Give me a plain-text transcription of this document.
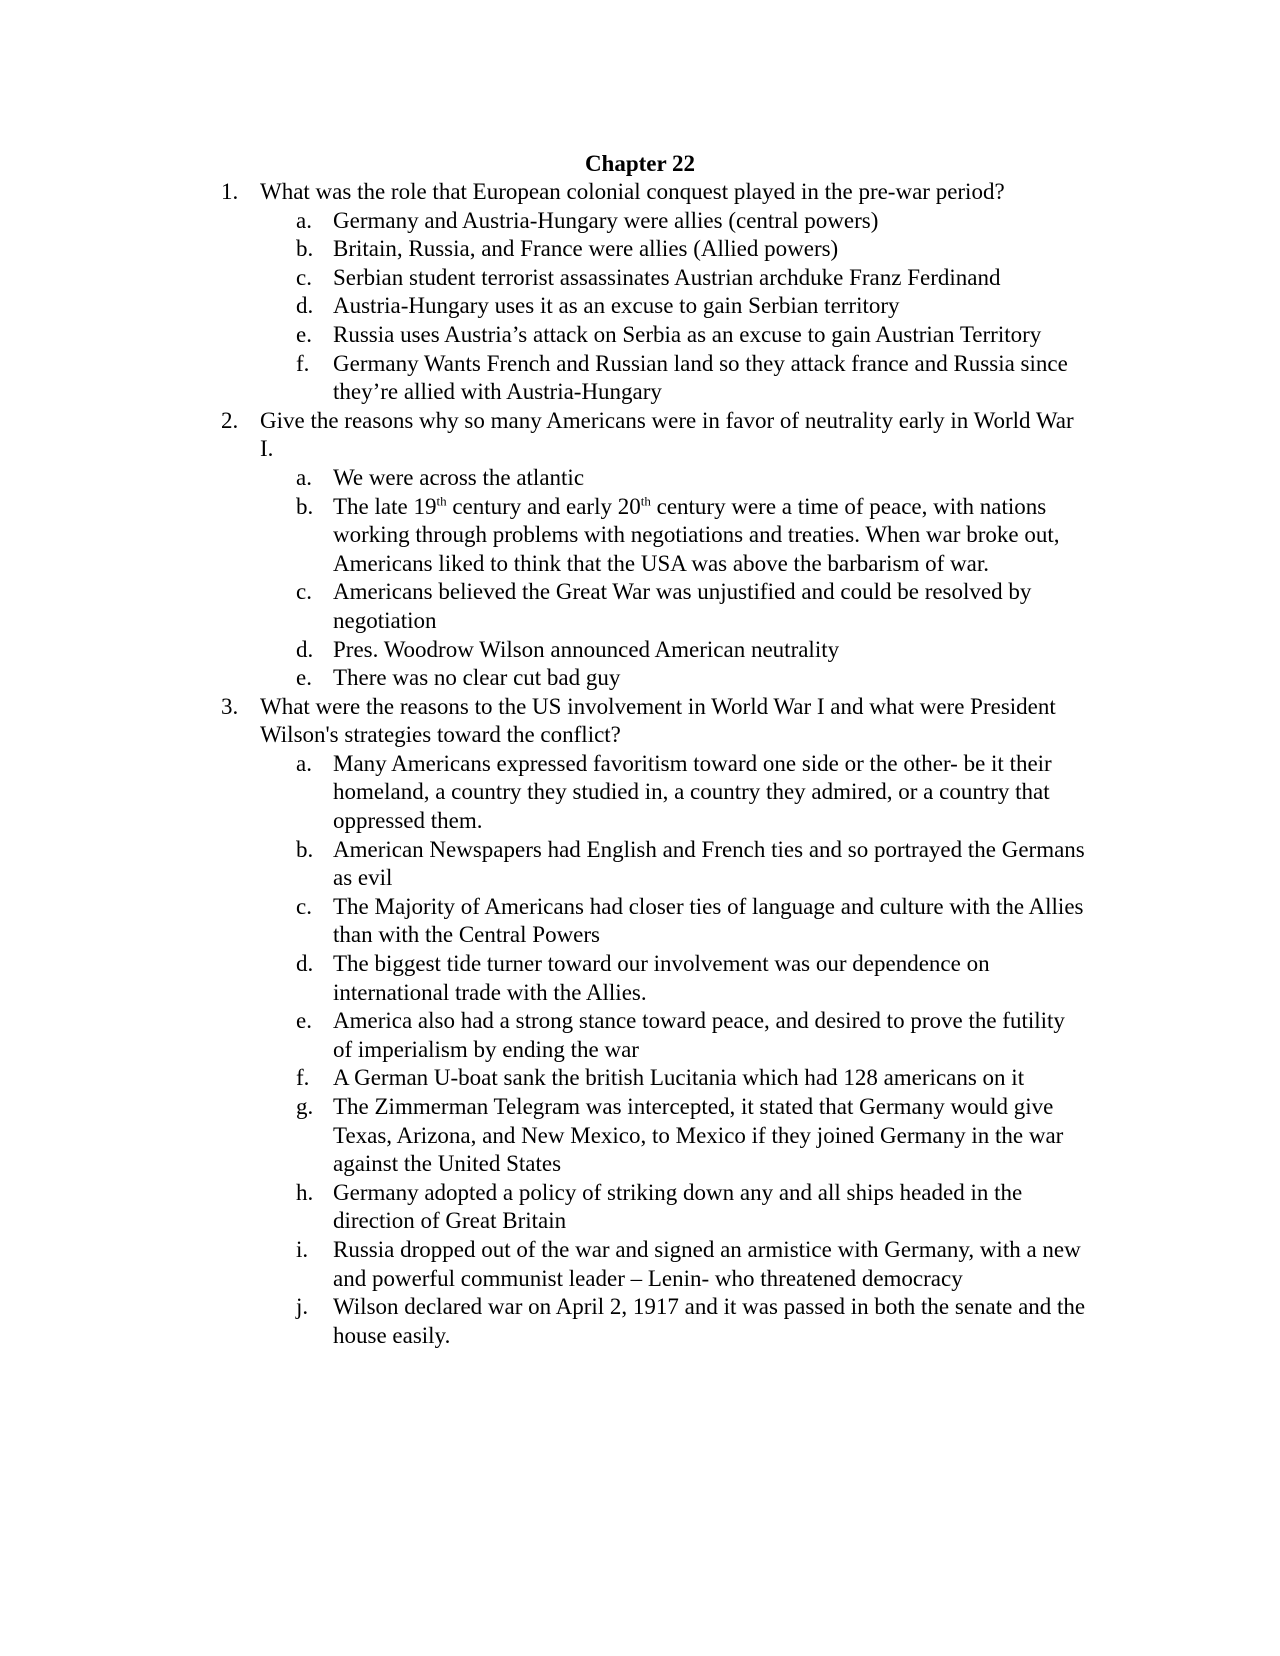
Chapter 22
1. What was the role that European colonial conquest played in the pre-war period?
a. Germany and Austria-Hungary were allies (central powers)
b. Britain, Russia, and France were allies (Allied powers)
c. Serbian student terrorist assassinates Austrian archduke Franz Ferdinand
d. Austria-Hungary uses it as an excuse to gain Serbian territory
e. Russia uses Austria’s attack on Serbia as an excuse to gain Austrian Territory
f. Germany Wants French and Russian land so they attack france and Russia since they’re allied with Austria-Hungary
2. Give the reasons why so many Americans were in favor of neutrality early in World War I.
a. We were across the atlantic
b. The late 19th century and early 20th century were a time of peace, with nations working through problems with negotiations and treaties. When war broke out, Americans liked to think that the USA was above the barbarism of war.
c. Americans believed the Great War was unjustified and could be resolved by negotiation
d. Pres. Woodrow Wilson announced American neutrality
e. There was no clear cut bad guy
3. What were the reasons to the US involvement in World War I and what were President Wilson's strategies toward the conflict?
a. Many Americans expressed favoritism toward one side or the other- be it their homeland, a country they studied in, a country they admired, or a country that oppressed them.
b. American Newspapers had English and French ties and so portrayed the Germans as evil
c. The Majority of Americans had closer ties of language and culture with the Allies than with the Central Powers
d. The biggest tide turner toward our involvement was our dependence on international trade with the Allies.
e. America also had a strong stance toward peace, and desired to prove the futility of imperialism by ending the war
f. A German U-boat sank the british Lucitania which had 128 americans on it
g. The Zimmerman Telegram was intercepted, it stated that Germany would give Texas, Arizona, and New Mexico, to Mexico if they joined Germany in the war against the United States
h. Germany adopted a policy of striking down any and all ships headed in the direction of Great Britain
i. Russia dropped out of the war and signed an armistice with Germany, with a new and powerful communist leader – Lenin- who threatened democracy
j. Wilson declared war on April 2, 1917 and it was passed in both the senate and the house easily.
